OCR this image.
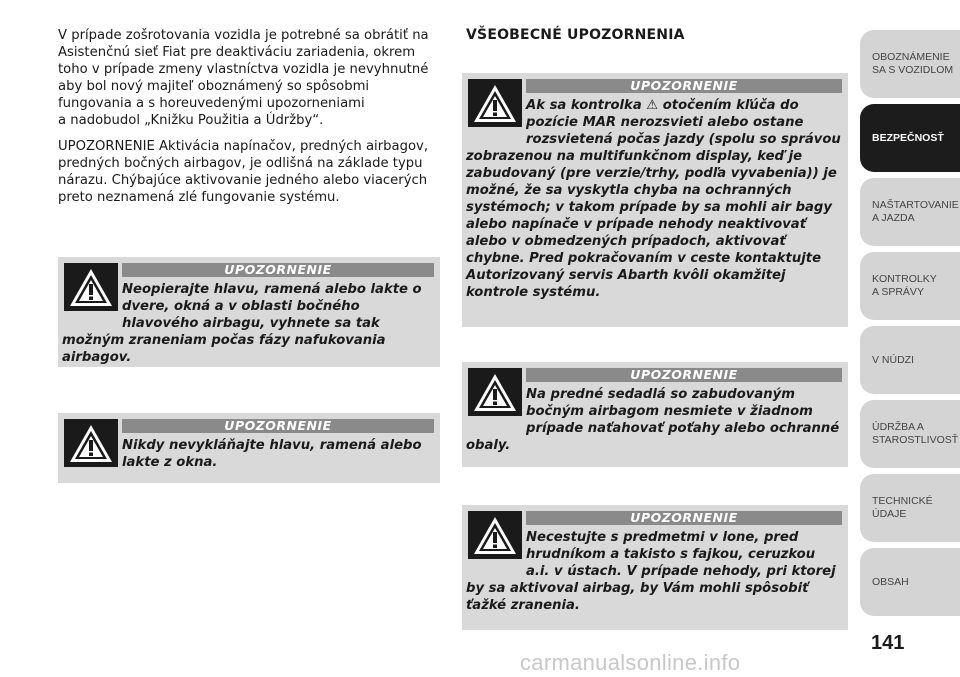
V prípade zošrotovania vozidla je potrebné sa obrátiť na
Asistenčnú sieť Fiat pre deaktiváciu zariadenia, okrem
toho v prípade zmeny vlastníctva vozidla je nevyhnutné
aby bol nový majiteľ oboznámený so spôsobmi
fungovania a s horeuvedenými upozorneniami
a nadobudol „Knižku Použitia a Údržby“.

UPOZORNENIE Aktivácia napínačov, predných airbagov,
predných bočných airbagov, je odlišná na základe typu
nárazu. Chýbajúce aktivovanie jedného alebo viacerých
preto neznamená zlé fungovanie systému.

UPOZORNENIE
Neopierajte hlavu, ramená alebo lakte o dvere, okná a v oblasti bočného hlavového airbagu, vyhnete sa tak možným zraneniam počas fázy nafukovania airbagov.
UPOZORNENIE
Nikdy nevykláňajte hlavu, ramená alebo lakte z okna.
VŠEOBECNÉ UPOZORNENIA
UPOZORNENIE
Ak sa kontrolka ⚠ otočením kľúča do pozície MAR nerozsvieti alebo ostane rozsvietená počas jazdy (spolu so správou zobrazenou na multifunkčnom display, keď je zabudovaný (pre verzie/trhy, podľa vyvabenia)) je možné, že sa vyskytla chyba na ochranných systémoch; v takom prípade by sa mohli air bagy alebo napínače v prípade nehody neaktivovať alebo v obmedzených prípadoch, aktivovať chybne. Pred pokračovaním v ceste kontaktujte Autorizovaný servis Abarth kvôli okamžitej kontrole systému.
UPOZORNENIE
Na predné sedadlá so zabudovaným bočným airbagom nesmiete v žiadnom prípade naťahovať poťahy alebo ochranné obaly.
UPOZORNENIE
Necestujte s predmetmi v lone, pred hrudníkom a takisto s fajkou, ceruzkou a.i. v ústach. V prípade nehody, pri ktorej by sa aktivoval airbag, by Vám mohli spôsobiť ťažké zranenia.
OBOZNÁMENIE
SA S VOZIDLOM
BEZPEČNOSŤ
NAŠTARTOVANIE
A JAZDA
KONTROLKY
A SPRÁVY
V NÚDZI
ÚDRŽBA A
STAROSTLIVOSŤ
TECHNICKÉ
ÚDAJE
OBSAH
141
carmanualsonline.info
